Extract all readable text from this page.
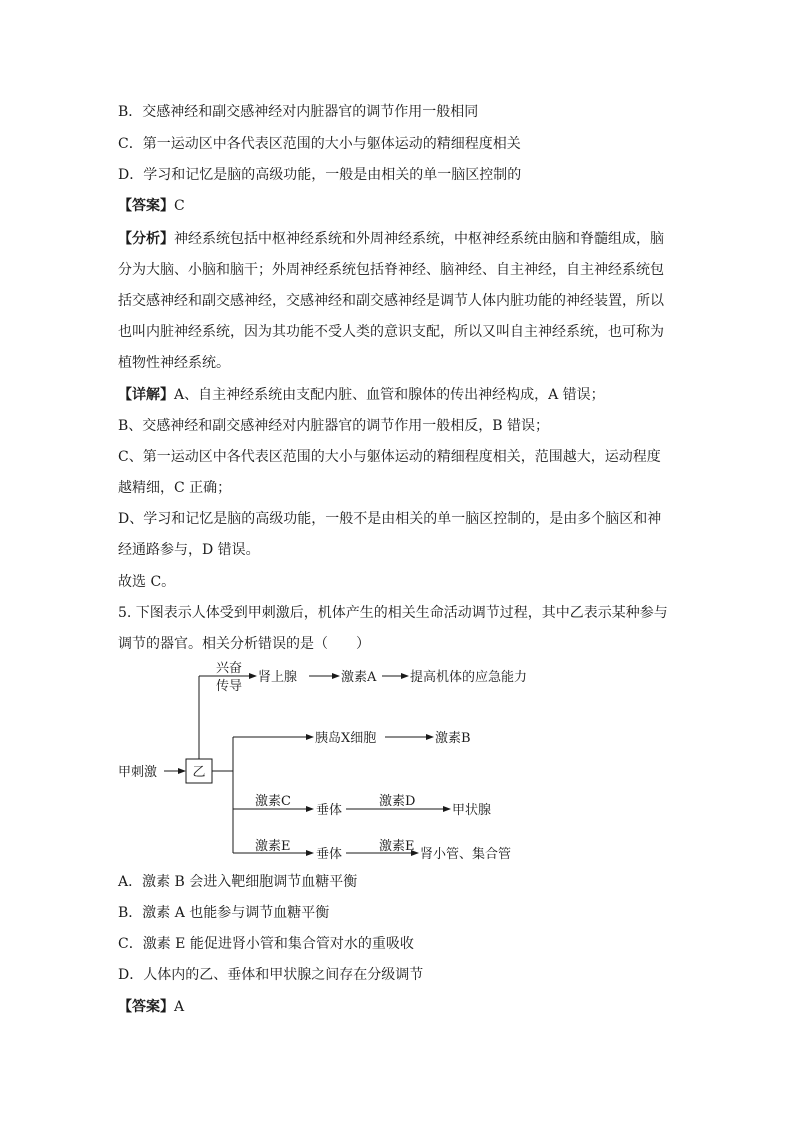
B．交感神经和副交感神经对内脏器官的调节作用一般相同
C．第一运动区中各代表区范围的大小与躯体运动的精细程度相关
D．学习和记忆是脑的高级功能，一般是由相关的单一脑区控制的
【答案】C
【分析】神经系统包括中枢神经系统和外周神经系统，中枢神经系统由脑和脊髓组成，脑
分为大脑、小脑和脑干；外周神经系统包括脊神经、脑神经、自主神经，自主神经系统包
括交感神经和副交感神经，交感神经和副交感神经是调节人体内脏功能的神经装置，所以
也叫内脏神经系统，因为其功能不受人类的意识支配，所以又叫自主神经系统，也可称为
植物性神经系统。
【详解】A、自主神经系统由支配内脏、血管和腺体的传出神经构成，A 错误；
B、交感神经和副交感神经对内脏器官的调节作用一般相反，B 错误；
C、第一运动区中各代表区范围的大小与躯体运动的精细程度相关，范围越大，运动程度
越精细，C 正确；
D、学习和记忆是脑的高级功能，一般不是由相关的单一脑区控制的，是由多个脑区和神
经通路参与，D 错误。
故选 C。
5. 下图表示人体受到甲刺激后，机体产生的相关生命活动调节过程，其中乙表示某种参与
调节的器官。相关分析错误的是（　　）
甲刺激	乙
兴奋
传导
肾上腺	激素A	提高机体的应急能力
胰岛X细胞	激素B
激素C
垂体
激素D
甲状腺
激素E
垂体
激素E
肾小管、集合管
A．激素 B 会进入靶细胞调节血糖平衡
B．激素 A 也能参与调节血糖平衡
C．激素 E 能促进肾小管和集合管对水的重吸收
D．人体内的乙、垂体和甲状腺之间存在分级调节
【答案】A
